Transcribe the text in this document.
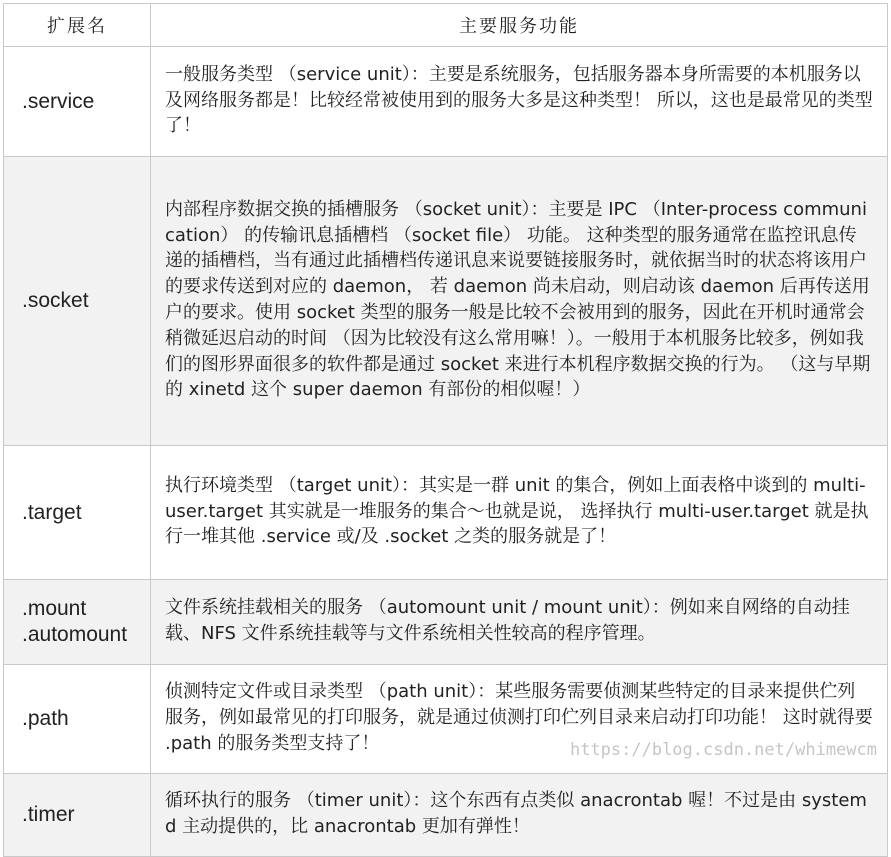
扩展名	主要服务功能

.service	一般服务类型 （service unit）：主要是系统服务，包括服务器本身所需要的本机服务以及网络服务都是！比较经常被使用到的服务大多是这种类型！ 所以，这也是最常见的类型了！

.socket	内部程序数据交换的插槽服务 （socket unit）：主要是 IPC （Inter-process communication） 的传输讯息插槽档 （socket file） 功能。 这种类型的服务通常在监控讯息传递的插槽档，当有通过此插槽档传递讯息来说要链接服务时，就依据当时的状态将该用户的要求传送到对应的 daemon， 若 daemon 尚未启动，则启动该 daemon 后再传送用户的要求。使用 socket 类型的服务一般是比较不会被用到的服务，因此在开机时通常会稍微延迟启动的时间 （因为比较没有这么常用嘛！）。一般用于本机服务比较多，例如我们的图形界面很多的软件都是通过 socket 来进行本机程序数据交换的行为。 （这与早期的 xinetd 这个 super daemon 有部份的相似喔！）

.target	执行环境类型 （target unit）：其实是一群 unit 的集合，例如上面表格中谈到的 multi-user.target 其实就是一堆服务的集合～也就是说， 选择执行 multi-user.target 就是执行一堆其他 .service 或/及 .socket 之类的服务就是了！

.mount
.automount	文件系统挂载相关的服务 （automount unit / mount unit）：例如来自网络的自动挂载、NFS 文件系统挂载等与文件系统相关性较高的程序管理。

.path	侦测特定文件或目录类型 （path unit）：某些服务需要侦测某些特定的目录来提供伫列服务，例如最常见的打印服务，就是通过侦测打印伫列目录来启动打印功能！ 这时就得要 .path 的服务类型支持了！

.timer	循环执行的服务 （timer unit）：这个东西有点类似 anacrontab 喔！不过是由 systemd 主动提供的，比 anacrontab 更加有弹性！
https://blog.csdn.net/whimewcm
